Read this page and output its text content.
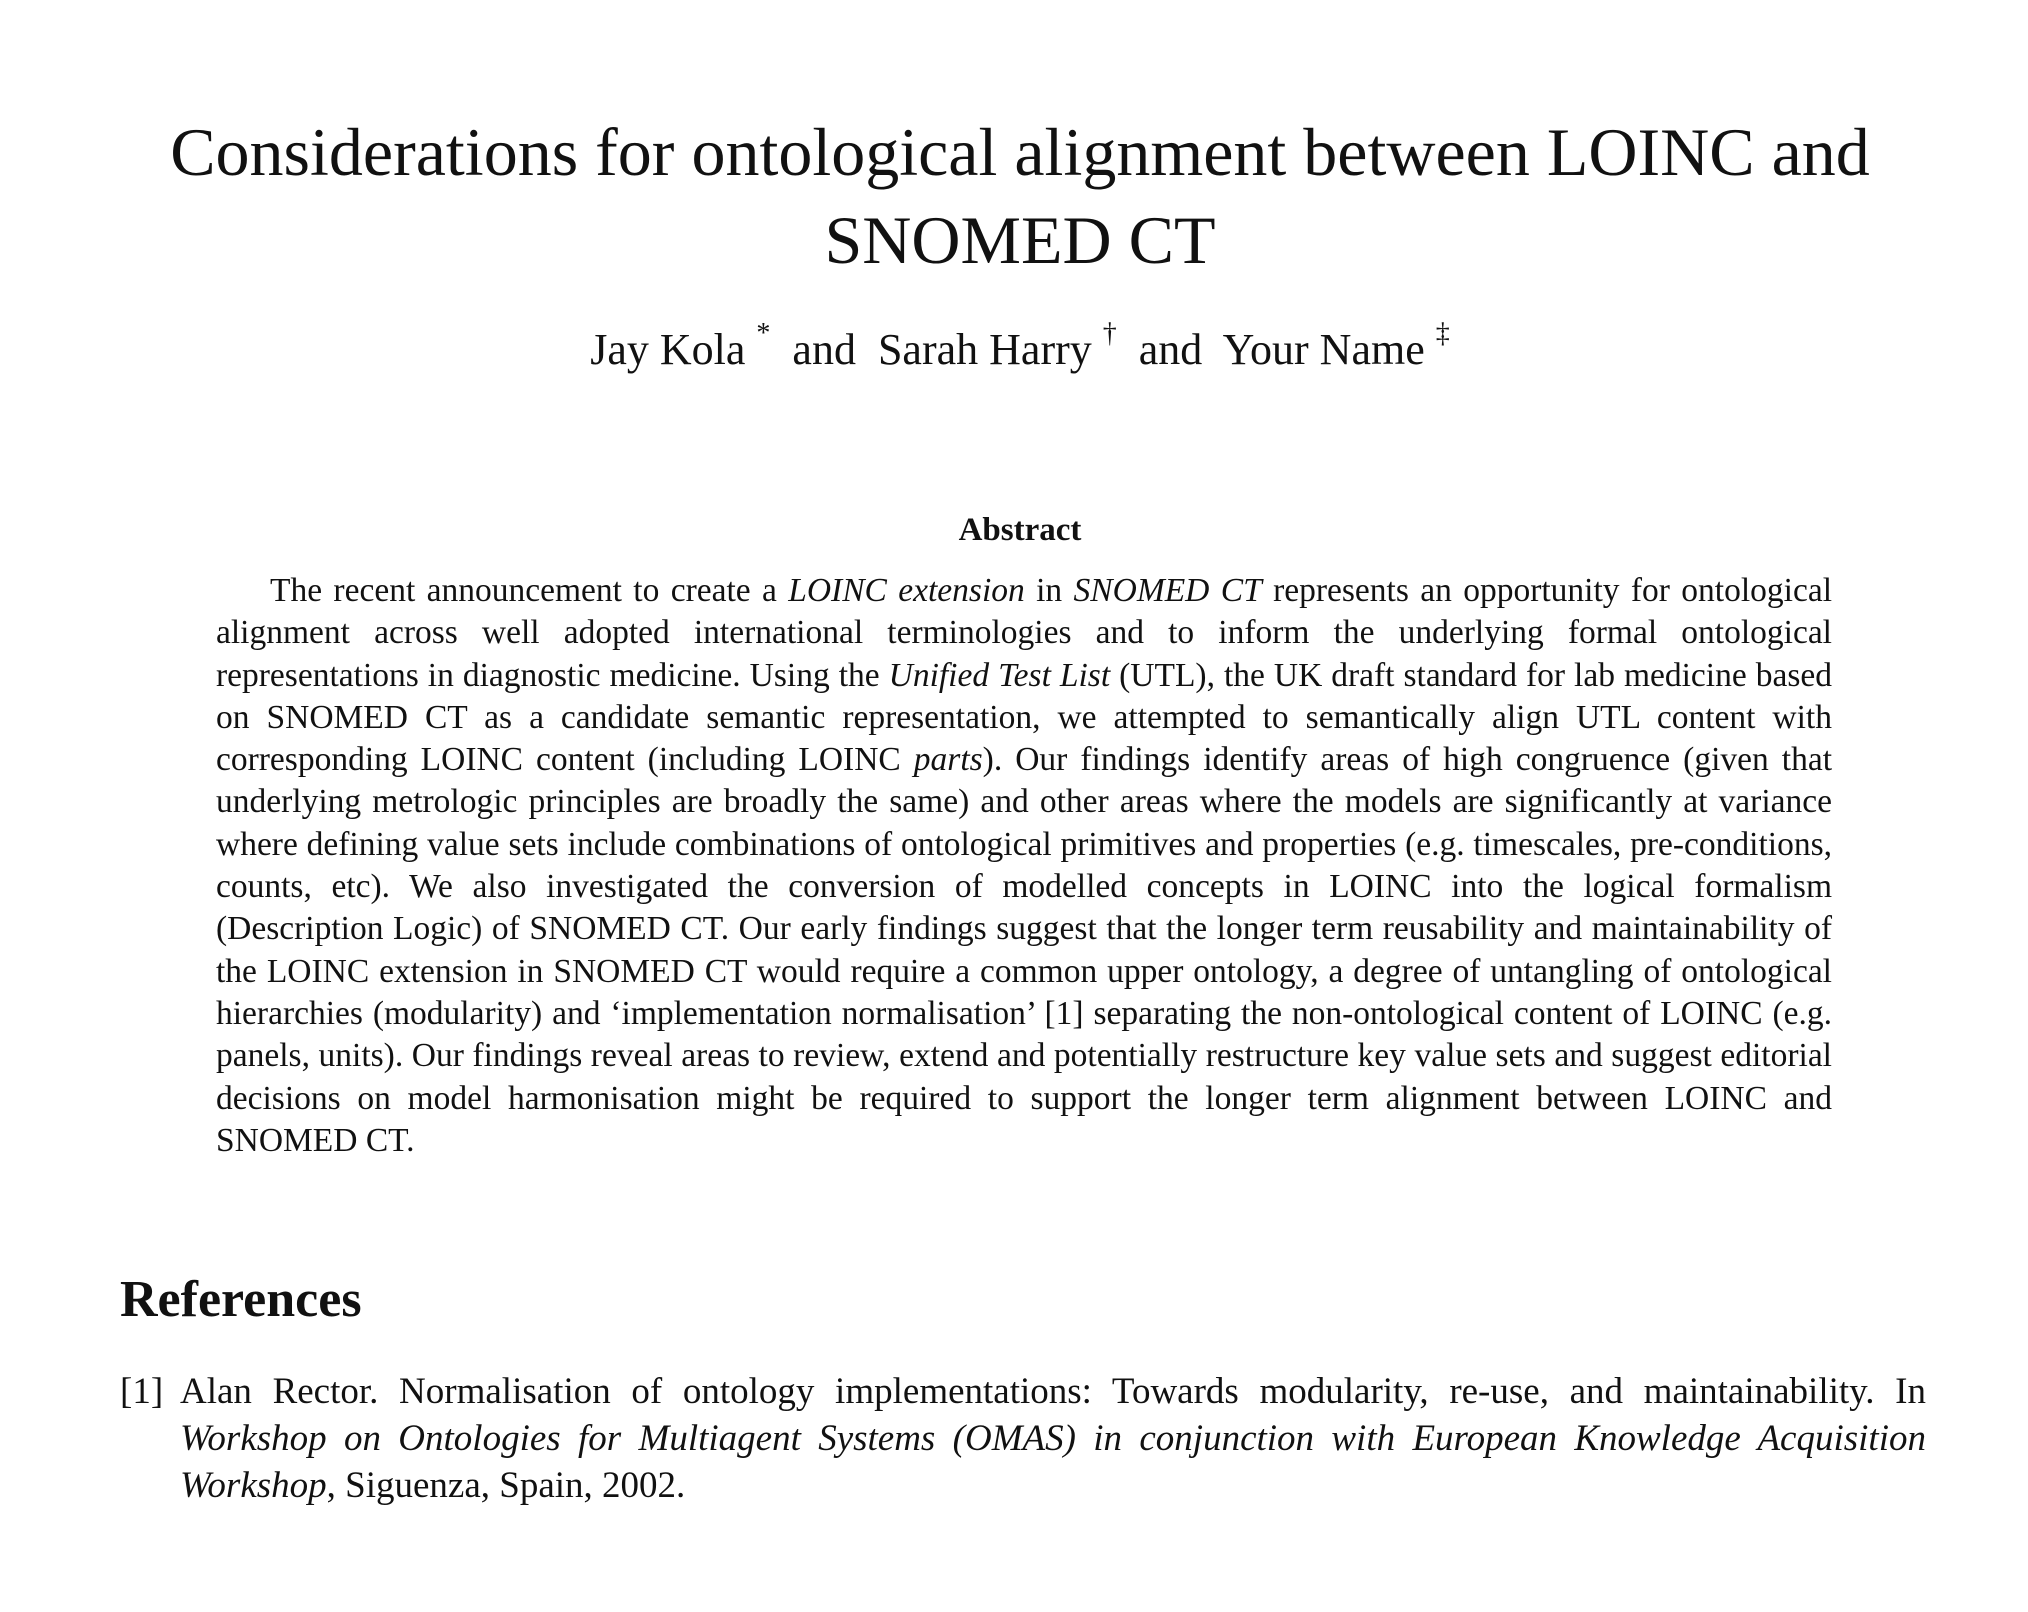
Considerations for ontological alignment between LOINC and
SNOMED CT
Jay Kola *  and  Sarah Harry †  and  Your Name ‡
Abstract

The recent announcement to create a LOINC extension in SNOMED CT represents an opportunity for ontological alignment across well adopted international terminologies and to inform the underlying formal ontological representations in diagnostic medicine. Using the Unified Test List (UTL), the UK draft standard for lab medicine based on SNOMED CT as a candidate semantic representation, we attempted to semantically align UTL content with corresponding LOINC content (including LOINC parts). Our findings identify areas of high congruence (given that underlying metrologic principles are broadly the same) and other areas where the models are significantly at variance where defining value sets include combinations of ontological primitives and properties (e.g. timescales, pre-conditions, counts, etc). We also investigated the conversion of modelled concepts in LOINC into the logical formalism (Description Logic) of SNOMED CT. Our early findings suggest that the longer term reusability and maintainability of the LOINC extension in SNOMED CT would require a common upper ontology, a degree of untangling of ontological hierarchies (modularity) and ‘implementation normalisation’ [1] separating the non-ontological content of LOINC (e.g. panels, units). Our findings reveal areas to review, extend and potentially restructure key value sets and suggest editorial decisions on model harmonisation might be required to support the longer term alignment between LOINC and SNOMED CT.

References
[1] Alan Rector. Normalisation of ontology implementations: Towards modularity, re-use, and maintainability. In Workshop on Ontologies for Multiagent Systems (OMAS) in conjunction with European Knowledge Acquisition Workshop, Siguenza, Spain, 2002.
